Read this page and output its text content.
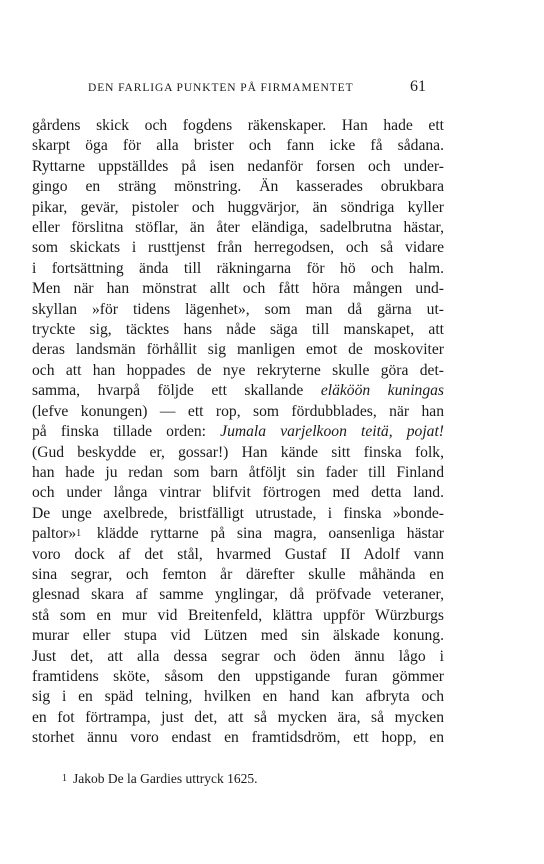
DEN FARLIGA PUNKTEN PÅ FIRMAMENTET	61
gårdens skick och fogdens räkenskaper. Han hade ett
skarpt öga för alla brister och fann icke få sådana.
Ryttarne uppställdes på isen nedanför forsen och under-
gingo en sträng mönstring. Än kasserades obrukbara
pikar, gevär, pistoler och huggvärjor, än söndriga kyller
eller förslitna stöflar, än åter eländiga, sadelbrutna hästar,
som skickats i rusttjenst från herregodsen, och så vidare
i fortsättning ända till räkningarna för hö och halm.
Men när han mönstrat allt och fått höra mången und-
skyllan »för tidens lägenhet», som man då gärna ut-
tryckte sig, täcktes hans nåde säga till manskapet, att
deras landsmän förhållit sig manligen emot de moskoviter
och att han hoppades de nye rekryterne skulle göra det-
samma, hvarpå följde ett skallande eläköön kuningas
(lefve konungen) — ett rop, som fördubblades, när han
på finska tillade orden: Jumala varjelkoon teitä, pojat!
(Gud beskydde er, gossar!) Han kände sitt finska folk,
han hade ju redan som barn åtföljt sin fader till Finland
och under långa vintrar blifvit förtrogen med detta land.
De unge axelbrede, bristfälligt utrustade, i finska »bonde-
paltor»$^1$ klädde ryttarne på sina magra, oansenliga hästar
voro dock af det stål, hvarmed Gustaf II Adolf vann
sina segrar, och femton år därefter skulle måhända en
glesnad skara af samme ynglingar, då pröfvade veteraner,
stå som en mur vid Breitenfeld, klättra uppför Würzburgs
murar eller stupa vid Lützen med sin älskade konung.
Just det, att alla dessa segrar och öden ännu lågo i
framtidens sköte, såsom den uppstigande furan gömmer
sig i en späd telning, hvilken en hand kan afbryta och
en fot förtrampa, just det, att så mycken ära, så mycken
storhet ännu voro endast en framtidsdröm, ett hopp, en
1 Jakob De la Gardies uttryck 1625.
